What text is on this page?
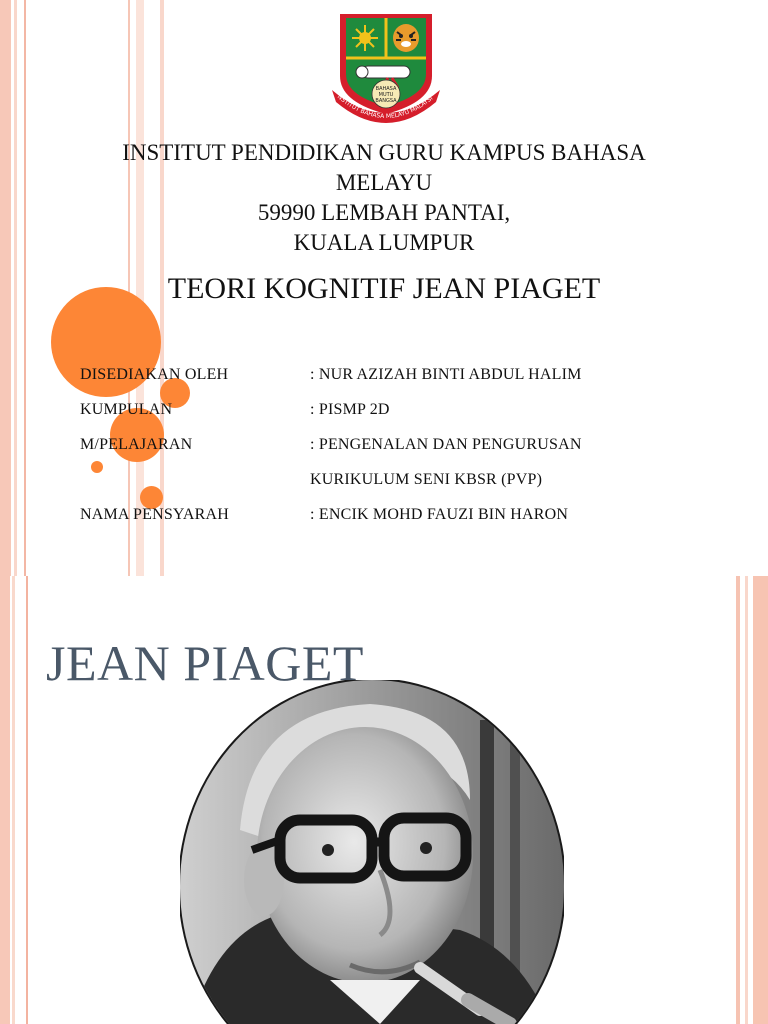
BAHASA
MUTU
BANGSA
NSTITUT BAHASA MELAYU MALAYSI
INSTITUT PENDIDIKAN GURU KAMPUS BAHASA
MELAYU
59990 LEMBAH PANTAI,
KUALA LUMPUR
TEORI KOGNITIF JEAN PIAGET
DISEDIAKAN OLEH	: NUR AZIZAH BINTI ABDUL HALIM
KUMPULAN	: PISMP 2D
M/PELAJARAN	: PENGENALAN DAN PENGURUSAN
KURIKULUM SENI KBSR (PVP)
NAMA PENSYARAH	: ENCIK MOHD FAUZI BIN HARON
JEAN PIAGET
